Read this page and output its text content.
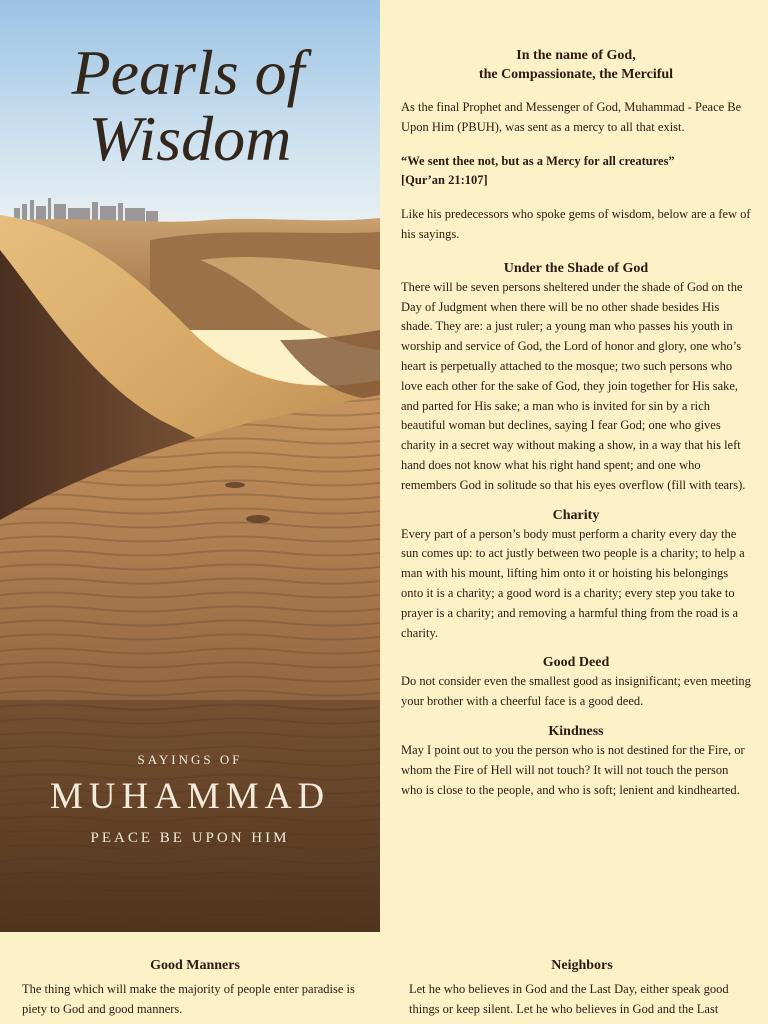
Pearls of
Wisdom
SAYINGS OF
MUHAMMAD
PEACE BE UPON HIM
In the name of God,
the Compassionate, the Merciful

As the final Prophet and Messenger of God, Muhammad - Peace Be Upon Him (PBUH), was sent as a mercy to all that exist.

“We sent thee not, but as a Mercy for all creatures”

[Qur’an 21:107]

Like his predecessors who spoke gems of wisdom, below are a few of his sayings.

Under the Shade of God

There will be seven persons sheltered under the shade of God on the Day of Judgment when there will be no other shade besides His shade. They are: a just ruler; a young man who passes his youth in worship and service of God, the Lord of honor and glory, one who’s heart is perpetually attached to the mosque; two such persons who love each other for the sake of God, they join together for His sake, and parted for His sake; a man who is invited for sin by a rich beautiful woman but declines, saying I fear God; one who gives charity in a secret way without making a show, in a way that his left hand does not know what his right hand spent; and one who remembers God in solitude so that his eyes overflow (fill with tears).

Charity

Every part of a person’s body must perform a charity every day the sun comes up: to act justly between two people is a charity; to help a man with his mount, lifting him onto it or hoisting his belongings onto it is a charity; a good word is a charity; every step you take to prayer is a charity; and removing a harmful thing from the road is a charity.

Good Deed

Do not consider even the smallest good as insignificant; even meeting your brother with a cheerful face is a good deed.

Kindness

May I point out to you the person who is not destined for the Fire, or whom the Fire of Hell will not touch? It will not touch the person who is close to the people, and who is soft; lenient and kindhearted.

Good Manners

The thing which will make the majority of people enter paradise is piety to God and good manners.

Neighbors

Let he who believes in God and the Last Day, either speak good things or keep silent. Let he who believes in God and the Last
